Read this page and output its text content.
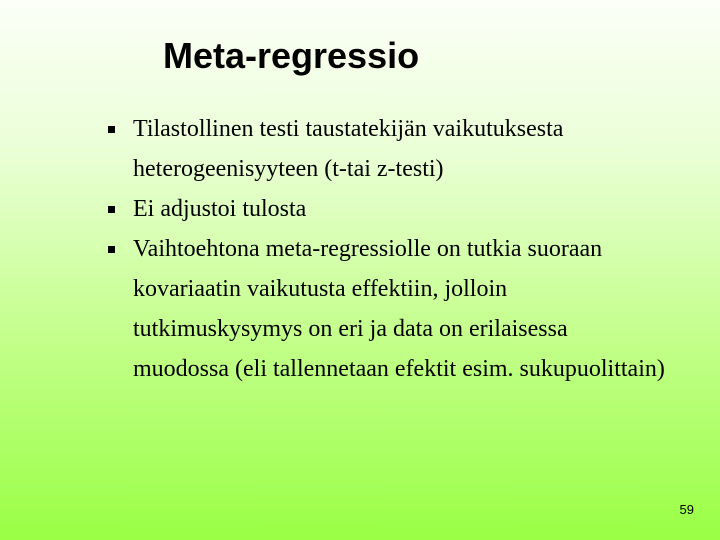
Meta-regressio
Tilastollinen testi taustatekijän vaikutuksesta heterogeenisyyteen (t-tai z-testi)
Ei adjustoi tulosta
Vaihtoehtona meta-regressiolle on tutkia suoraan kovariaatin vaikutusta effektiin, jolloin tutkimuskysymys on eri ja data on erilaisessa muodossa (eli tallennetaan efektit esim. sukupuolittain)
59
